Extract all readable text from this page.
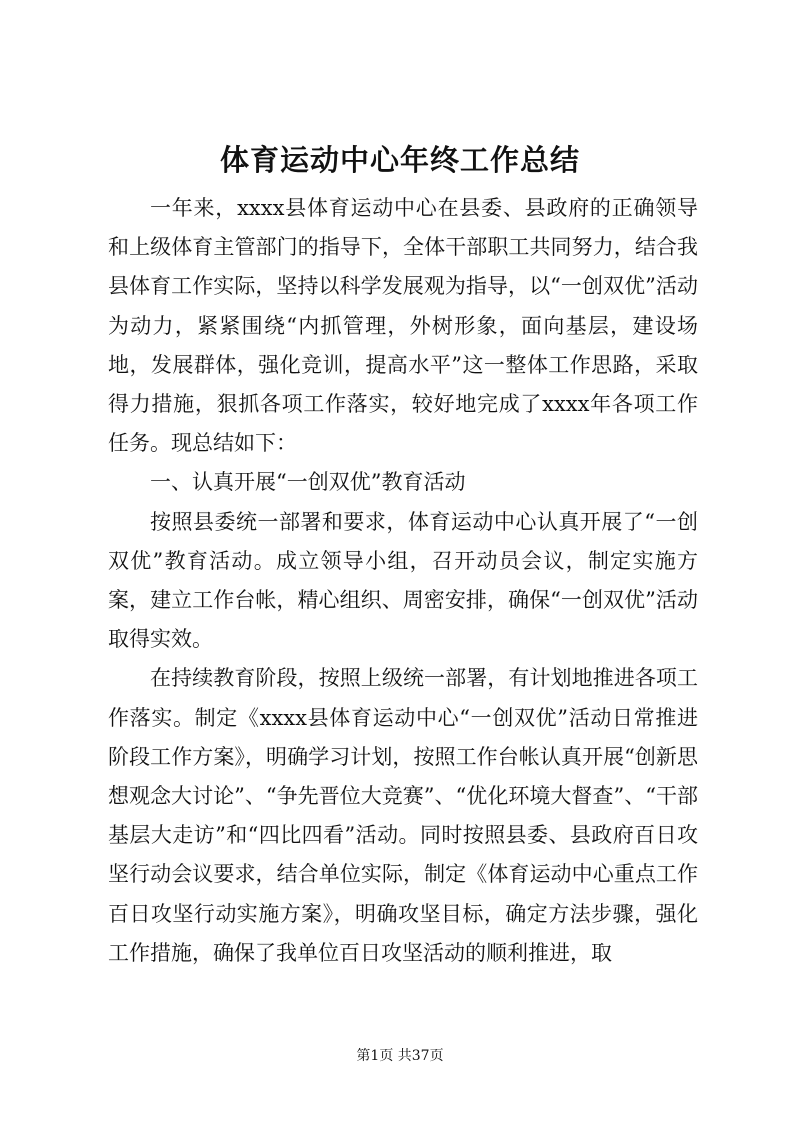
体育运动中心年终工作总结

一年来，xxxx县体育运动中心在县委、县政府的正确领导和上级体育主管部门的指导下，全体干部职工共同努力，结合我县体育工作实际，坚持以科学发展观为指导，以“一创双优”活动为动力，紧紧围绕“内抓管理，外树形象，面向基层，建设场地，发展群体，强化竞训，提高水平”这一整体工作思路，采取得力措施，狠抓各项工作落实，较好地完成了xxxx年各项工作任务。现总结如下：

一、认真开展“一创双优”教育活动

按照县委统一部署和要求，体育运动中心认真开展了“一创双优”教育活动。成立领导小组，召开动员会议，制定实施方案，建立工作台帐，精心组织、周密安排，确保“一创双优”活动取得实效。

在持续教育阶段，按照上级统一部署，有计划地推进各项工作落实。制定《xxxx县体育运动中心“一创双优”活动日常推进阶段工作方案》，明确学习计划，按照工作台帐认真开展“创新思想观念大讨论”、“争先晋位大竞赛”、“优化环境大督查”、“干部基层大走访”和“四比四看”活动。同时按照县委、县政府百日攻坚行动会议要求，结合单位实际，制定《体育运动中心重点工作百日攻坚行动实施方案》，明确攻坚目标，确定方法步骤，强化工作措施，确保了我单位百日攻坚活动的顺利推进，取

第1页 共37页
